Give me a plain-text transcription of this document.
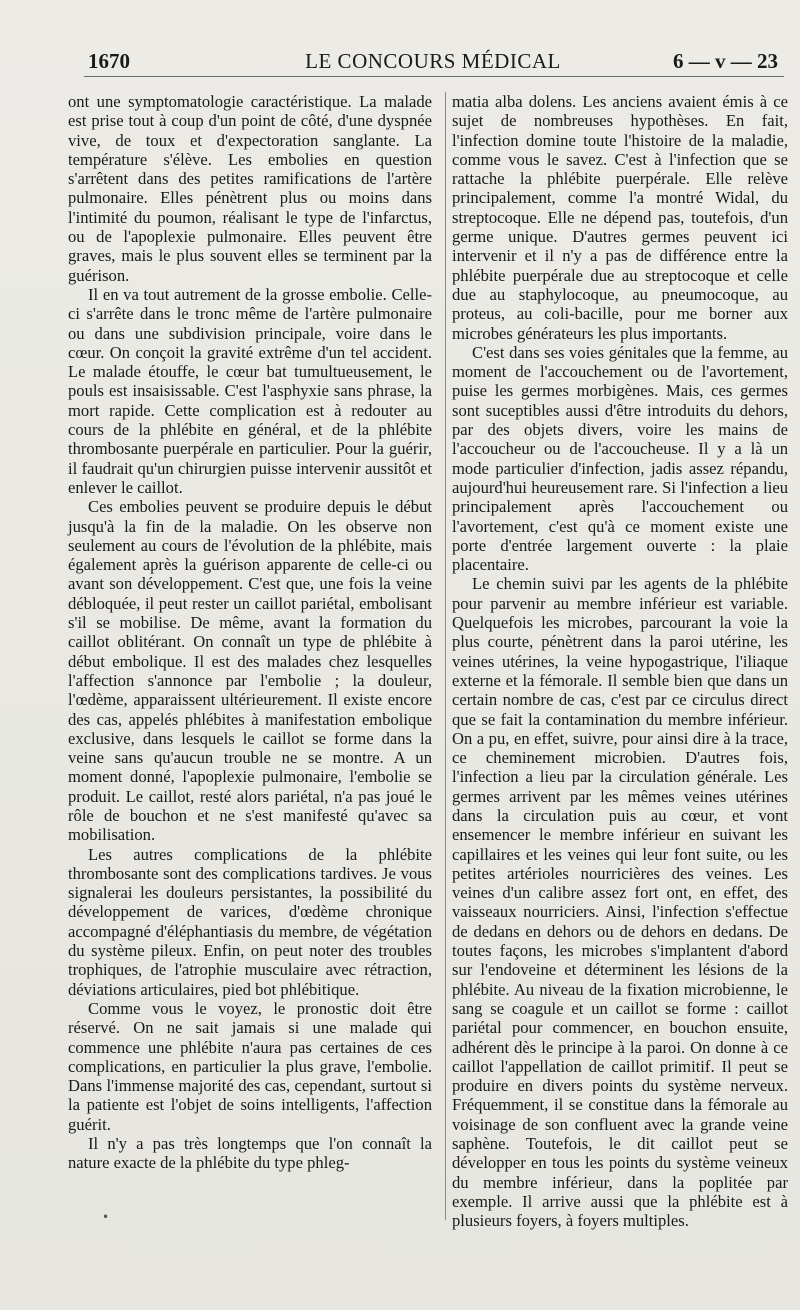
1670	LE CONCOURS MÉDICAL	6 — v — 23

ont une symptomatologie caractéristique. La malade est prise tout à coup d'un point de côté, d'une dyspnée vive, de toux et d'expectoration sanglante. La température s'élève. Les embolies en question s'arrêtent dans des petites ramifications de l'artère pulmonaire. Elles pénètrent plus ou moins dans l'intimité du poumon, réalisant le type de l'infarctus, ou de l'apoplexie pulmonaire. Elles peuvent être graves, mais le plus souvent elles se terminent par la guérison.

Il en va tout autrement de la grosse embolie. Celle-ci s'arrête dans le tronc même de l'artère pulmonaire ou dans une subdivision principale, voire dans le cœur. On conçoit la gravité extrême d'un tel accident. Le malade étouffe, le cœur bat tumultueusement, le pouls est insaisissable. C'est l'asphyxie sans phrase, la mort rapide. Cette complication est à redouter au cours de la phlébite en général, et de la phlébite thrombosante puerpérale en particulier. Pour la guérir, il faudrait qu'un chirurgien puisse intervenir aussitôt et enlever le caillot.

Ces embolies peuvent se produire depuis le début jusqu'à la fin de la maladie. On les observe non seulement au cours de l'évolution de la phlébite, mais également après la guérison apparente de celle-ci ou avant son développement. C'est que, une fois la veine débloquée, il peut rester un caillot pariétal, embolisant s'il se mobilise. De même, avant la formation du caillot oblitérant. On connaît un type de phlébite à début embolique. Il est des malades chez lesquelles l'affection s'annonce par l'embolie ; la douleur, l'œdème, apparaissent ultérieurement. Il existe encore des cas, appelés phlébites à manifestation embolique exclusive, dans lesquels le caillot se forme dans la veine sans qu'aucun trouble ne se montre. A un moment donné, l'apoplexie pulmonaire, l'embolie se produit. Le caillot, resté alors pariétal, n'a pas joué le rôle de bouchon et ne s'est manifesté qu'avec sa mobilisation.

Les autres complications de la phlébite thrombosante sont des complications tardives. Je vous signalerai les douleurs persistantes, la possibilité du développement de varices, d'œdème chronique accompagné d'éléphantiasis du membre, de végétation du système pileux. Enfin, on peut noter des troubles trophiques, de l'atrophie musculaire avec rétraction, déviations articulaires, pied bot phlébitique.

Comme vous le voyez, le pronostic doit être réservé. On ne sait jamais si une malade qui commence une phlébite n'aura pas certaines de ces complications, en particulier la plus grave, l'embolie. Dans l'immense majorité des cas, cependant, surtout si la patiente est l'objet de soins intelligents, l'affection guérit.

Il n'y a pas très longtemps que l'on connaît la nature exacte de la phlébite du type phleg-

matia alba dolens. Les anciens avaient émis à ce sujet de nombreuses hypothèses. En fait, l'infection domine toute l'histoire de la maladie, comme vous le savez. C'est à l'infection que se rattache la phlébite puerpérale. Elle relève principalement, comme l'a montré Widal, du streptocoque. Elle ne dépend pas, toutefois, d'un germe unique. D'autres germes peuvent ici intervenir et il n'y a pas de différence entre la phlébite puerpérale due au streptocoque et celle due au staphylocoque, au pneumocoque, au proteus, au coli-bacille, pour me borner aux microbes générateurs les plus importants.

C'est dans ses voies génitales que la femme, au moment de l'accouchement ou de l'avortement, puise les germes morbigènes. Mais, ces germes sont suceptibles aussi d'être introduits du dehors, par des objets divers, voire les mains de l'accoucheur ou de l'accoucheuse. Il y a là un mode particulier d'infection, jadis assez répandu, aujourd'hui heureusement rare. Si l'infection a lieu principalement après l'accouchement ou l'avortement, c'est qu'à ce moment existe une porte d'entrée largement ouverte : la plaie placentaire.

Le chemin suivi par les agents de la phlébite pour parvenir au membre inférieur est variable. Quelquefois les microbes, parcourant la voie la plus courte, pénètrent dans la paroi utérine, les veines utérines, la veine hypogastrique, l'iliaque externe et la fémorale. Il semble bien que dans un certain nombre de cas, c'est par ce circulus direct que se fait la contamination du membre inférieur. On a pu, en effet, suivre, pour ainsi dire à la trace, ce cheminement microbien. D'autres fois, l'infection a lieu par la circulation générale. Les germes arrivent par les mêmes veines utérines dans la circulation puis au cœur, et vont ensemencer le membre inférieur en suivant les capillaires et les veines qui leur font suite, ou les petites artérioles nourricières des veines. Les veines d'un calibre assez fort ont, en effet, des vaisseaux nourriciers. Ainsi, l'infection s'effectue de dedans en dehors ou de dehors en dedans. De toutes façons, les microbes s'implantent d'abord sur l'endoveine et déterminent les lésions de la phlébite. Au niveau de la fixation microbienne, le sang se coagule et un caillot se forme : caillot pariétal pour commencer, en bouchon ensuite, adhérent dès le principe à la paroi. On donne à ce caillot l'appellation de caillot primitif. Il peut se produire en divers points du système nerveux. Fréquemment, il se constitue dans la fémorale au voisinage de son confluent avec la grande veine saphène. Toutefois, le dit caillot peut se développer en tous les points du système veineux du membre inférieur, dans la poplitée par exemple. Il arrive aussi que la phlébite est à plusieurs foyers, à foyers multiples.

•
